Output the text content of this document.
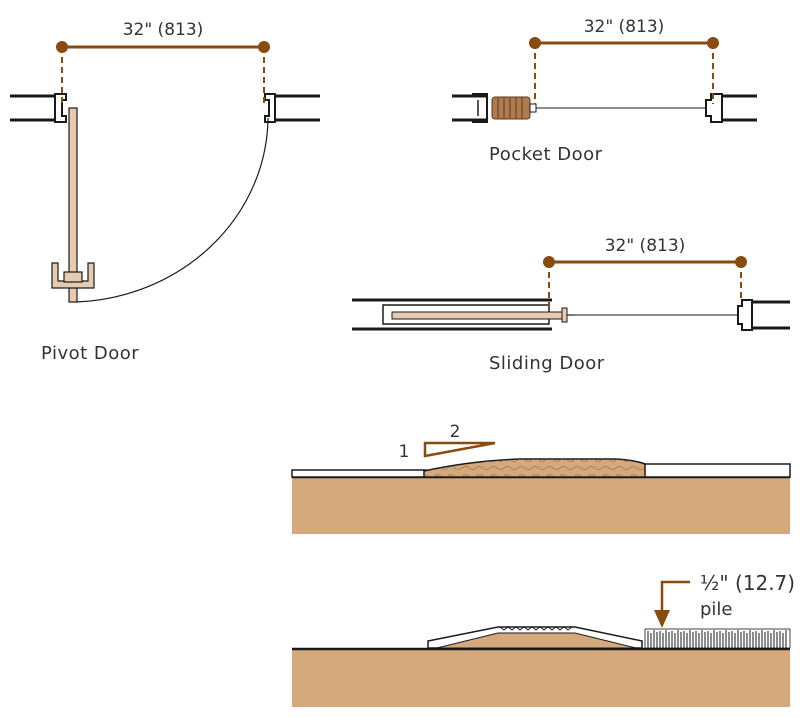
32" (813)
Pivot Door
32" (813)
Pocket Door
32" (813)
Sliding Door
1
2
½" (12.7)
pile
